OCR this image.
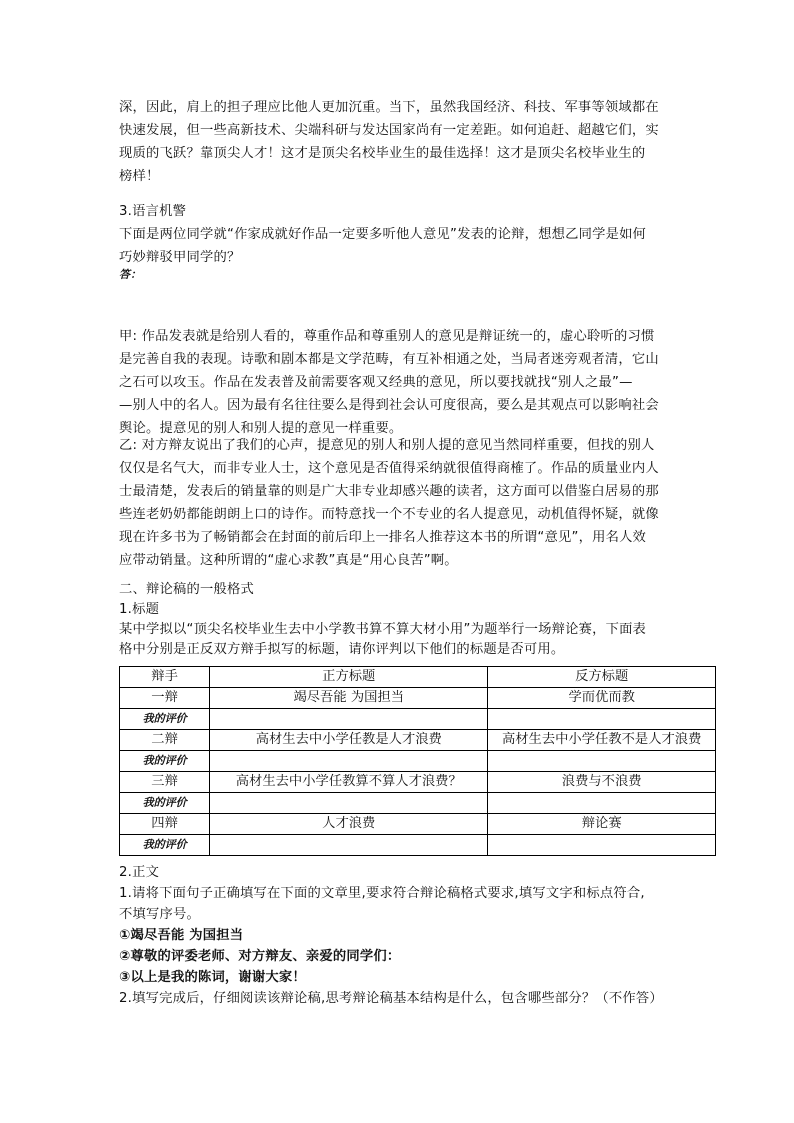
深，因此，肩上的担子理应比他人更加沉重。当下，虽然我国经济、科技、军事等领域都在
快速发展，但一些高新技术、尖端科研与发达国家尚有一定差距。如何追赶、超越它们，实
现质的飞跃？靠顶尖人才！这才是顶尖名校毕业生的最佳选择！这才是顶尖名校毕业生的
榜样！
3.语言机警
下面是两位同学就“作家成就好作品一定要多听他人意见”发表的论辩，想想乙同学是如何
巧妙辩驳甲同学的？
答：
甲: 作品发表就是给别人看的，尊重作品和尊重别人的意见是辩证统一的，虚心聆听的习惯
是完善自我的表现。诗歌和剧本都是文学范畴，有互补相通之处，当局者迷旁观者清，它山
之石可以攻玉。作品在发表普及前需要客观又经典的意见，所以要找就找“别人之最”—
—别人中的名人。因为最有名往往要么是得到社会认可度很高，要么是其观点可以影响社会
舆论。提意见的别人和别人提的意见一样重要。
乙: 对方辩友说出了我们的心声，提意见的别人和别人提的意见当然同样重要，但找的别人
仅仅是名气大，而非专业人士，这个意见是否值得采纳就很值得商榷了。作品的质量业内人
士最清楚，发表后的销量靠的则是广大非专业却感兴趣的读者，这方面可以借鉴白居易的那
些连老奶奶都能朗朗上口的诗作。而特意找一个不专业的名人提意见，动机值得怀疑，就像
现在许多书为了畅销都会在封面的前后印上一排名人推荐这本书的所谓“意见”，用名人效
应带动销量。这种所谓的“虚心求教”真是“用心良苦”啊。
二、辩论稿的一般格式
1.标题
某中学拟以“顶尖名校毕业生去中小学教书算不算大材小用”为题举行一场辩论赛，下面表
格中分别是正反双方辩手拟写的标题，请你评判以下他们的标题是否可用。
辩手	正方标题	反方标题
一辩	竭尽吾能 为国担当	学而优而教
我的评价		
二辩	高材生去中小学任教是人才浪费	高材生去中小学任教不是人才浪费
我的评价		
三辩	高材生去中小学任教算不算人才浪费？	浪费与不浪费
我的评价		
四辩	人才浪费	辩论赛
我的评价		
2.正文
1.请将下面句子正确填写在下面的文章里,要求符合辩论稿格式要求,填写文字和标点符合,
不填写序号。
①竭尽吾能 为国担当
②尊敬的评委老师、对方辩友、亲爱的同学们：
③以上是我的陈词，谢谢大家！
2.填写完成后，仔细阅读该辩论稿,思考辩论稿基本结构是什么，包含哪些部分？（不作答）
